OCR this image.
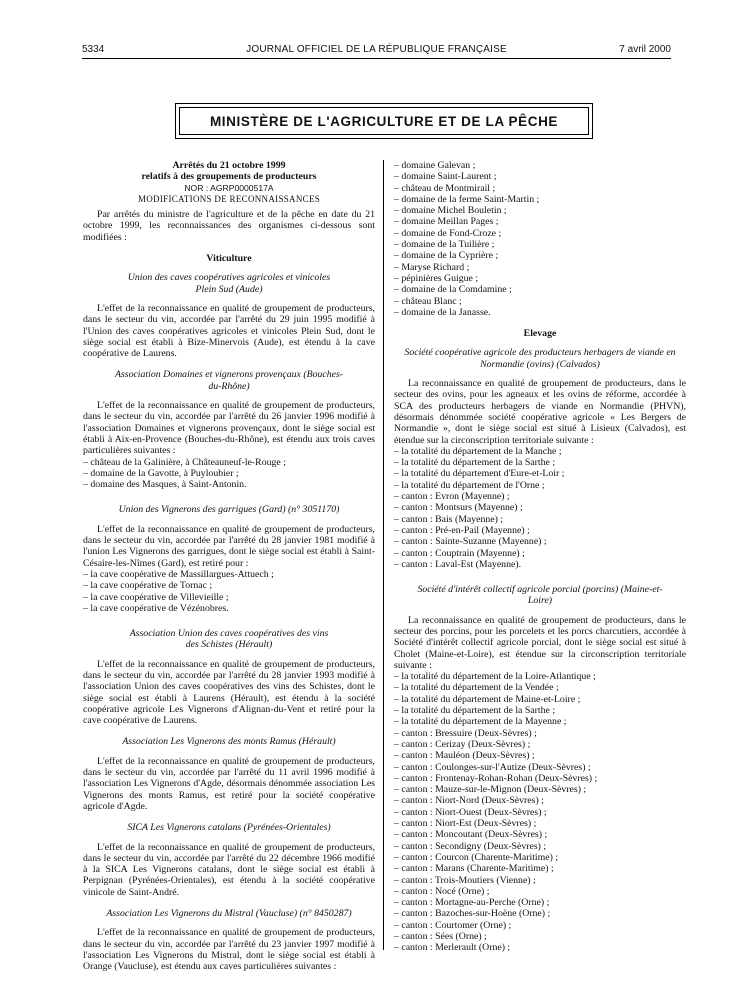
5334	JOURNAL OFFICIEL DE LA RÉPUBLIQUE FRANÇAISE	7 avril 2000
MINISTÈRE DE L'AGRICULTURE ET DE LA PÊCHE
Arrêtés du 21 octobre 1999
relatifs à des groupements de producteurs
NOR : AGRP0000517A
MODIFICATIONS DE RECONNAISSANCES

Par arrêtés du ministre de l'agriculture et de la pêche en date du 21 octobre 1999, les reconnaissances des organismes ci-dessous sont modifiées :

Viticulture
Union des caves coopératives agricoles et vinicoles Plein Sud (Aude)

L'effet de la reconnaissance en qualité de groupement de producteurs, dans le secteur du vin, accordée par l'arrêté du 29 juin 1995 modifié à l'Union des caves coopératives agricoles et vinicoles Plein Sud, dont le siège social est établi à Bize-Minervois (Aude), est étendu à la cave coopérative de Laurens.

Association Domaines et vignerons provençaux (Bouches-du-Rhône)

L'effet de la reconnaissance en qualité de groupement de producteurs, dans le secteur du vin, accordée par l'arrêté du 26 janvier 1996 modifié à l'association Domaines et vignerons provençaux, dont le siège social est établi à Aix-en-Provence (Bouches-du-Rhône), est étendu aux trois caves particulières suivantes :

– château de la Galinière, à Châteauneuf-le-Rouge ;
– domaine de la Gavotte, à Puyloubier ;
– domaine des Masques, à Saint-Antonin.
Union des Vignerons des garrigues (Gard) (n° 3051170)

L'effet de la reconnaissance en qualité de groupement de producteurs, dans le secteur du vin, accordée par l'arrêté du 28 janvier 1981 modifié à l'union Les Vignerons des garrigues, dont le siège social est établi à Saint-Césaire-les-Nîmes (Gard), est retiré pour :

– la cave coopérative de Massillargues-Attuech ;
– la cave coopérative de Tornac ;
– la cave coopérative de Villevieille ;
– la cave coopérative de Vézénobres.
Association Union des caves coopératives des vins des Schistes (Hérault)

L'effet de la reconnaissance en qualité de groupement de producteurs, dans le secteur du vin, accordée par l'arrêté du 28 janvier 1993 modifié à l'association Union des caves coopératives des vins des Schistes, dont le siège social est établi à Laurens (Hérault), est étendu à la société coopérative agricole Les Vignerons d'Alignan-du-Vent et retiré pour la cave coopérative de Laurens.

Association Les Vignerons des monts Ramus (Hérault)

L'effet de la reconnaissance en qualité de groupement de producteurs, dans le secteur du vin, accordée par l'arrêté du 11 avril 1996 modifié à l'association Les Vignerons d'Agde, désormais dénommée association Les Vignerons des monts Ramus, est retiré pour la société coopérative agricole d'Agde.

SICA Les Vignerons catalans (Pyrénées-Orientales)

L'effet de la reconnaissance en qualité de groupement de producteurs, dans le secteur du vin, accordée par l'arrêté du 22 décembre 1966 modifié à la SICA Les Vignerons catalans, dont le siège social est établi à Perpignan (Pyrénées-Orientales), est étendu à la société coopérative vinicole de Saint-André.

Association Les Vignerons du Mistral (Vaucluse) (n° 8450287)

L'effet de la reconnaissance en qualité de groupement de producteurs, dans le secteur du vin, accordée par l'arrêté du 23 janvier 1997 modifié à l'association Les Vignerons du Mistral, dont le siège social est établi à Orange (Vaucluse), est étendu aux caves particulières suivantes :

– domaine Galevan ;
– domaine Saint-Laurent ;
– château de Montmirail ;
– domaine de la ferme Saint-Martin ;
– domaine Michel Bouletin ;
– domaine Meillan Pages ;
– domaine de Fond-Croze ;
– domaine de la Tuilière ;
– domaine de la Cyprière ;
– Maryse Richard ;
– pépinières Guigue ;
– domaine de la Comdamine ;
– château Blanc ;
– domaine de la Janasse.
Elevage
Société coopérative agricole des producteurs herbagers de viande en Normandie (ovins) (Calvados)

La reconnaissance en qualité de groupement de producteurs, dans le secteur des ovins, pour les agneaux et les ovins de réforme, accordée à SCA des producteurs herbagers de viande en Normandie (PHVN), désormais dénommée société coopérative agricole « Les Bergers de Normandie », dont le siège social est situé à Lisieux (Calvados), est étendue sur la circonscription territoriale suivante :

– la totalité du département de la Manche ;
– la totalité du département de la Sarthe ;
– la totalité du département d'Eure-et-Loir ;
– la totalité du département de l'Orne ;
– canton : Evron (Mayenne) ;
– canton : Montsurs (Mayenne) ;
– canton : Bais (Mayenne) ;
– canton : Pré-en-Pail (Mayenne) ;
– canton : Sainte-Suzanne (Mayenne) ;
– canton : Couptrain (Mayenne) ;
– canton : Laval-Est (Mayenne).
Société d'intérêt collectif agricole porcial (porcins) (Maine-et-Loire)

La reconnaissance en qualité de groupement de producteurs, dans le secteur des porcins, pour les porcelets et les porcs charcutiers, accordée à Société d'intérêt collectif agricole porcial, dont le siège social est situé à Cholet (Maine-et-Loire), est étendue sur la circonscription territoriale suivante :

– la totalité du département de la Loire-Atlantique ;
– la totalité du département de la Vendée ;
– la totalité du département de Maine-et-Loire ;
– la totalité du département de la Sarthe ;
– la totalité du département de la Mayenne ;
– canton : Bressuire (Deux-Sèvres) ;
– canton : Cerizay (Deux-Sèvres) ;
– canton : Mauléon (Deux-Sèvres) ;
– canton : Coulonges-sur-l'Autize (Deux-Sèvres) ;
– canton : Frontenay-Rohan-Rohan (Deux-Sèvres) ;
– canton : Mauze-sur-le-Mignon (Deux-Sèvres) ;
– canton : Niort-Nord (Deux-Sèvres) ;
– canton : Niort-Ouest (Deux-Sèvres) ;
– canton : Niort-Est (Deux-Sèvres) ;
– canton : Moncoutant (Deux-Sèvres) ;
– canton : Secondigny (Deux-Sèvres) ;
– canton : Courcon (Charente-Maritime) ;
– canton : Marans (Charente-Maritime) ;
– canton : Trois-Moutiers (Vienne) ;
– canton : Nocé (Orne) ;
– canton : Mortagne-au-Perche (Orne) ;
– canton : Bazoches-sur-Hoëne (Orne) ;
– canton : Courtomer (Orne) ;
– canton : Sées (Orne) ;
– canton : Merlerault (Orne) ;
